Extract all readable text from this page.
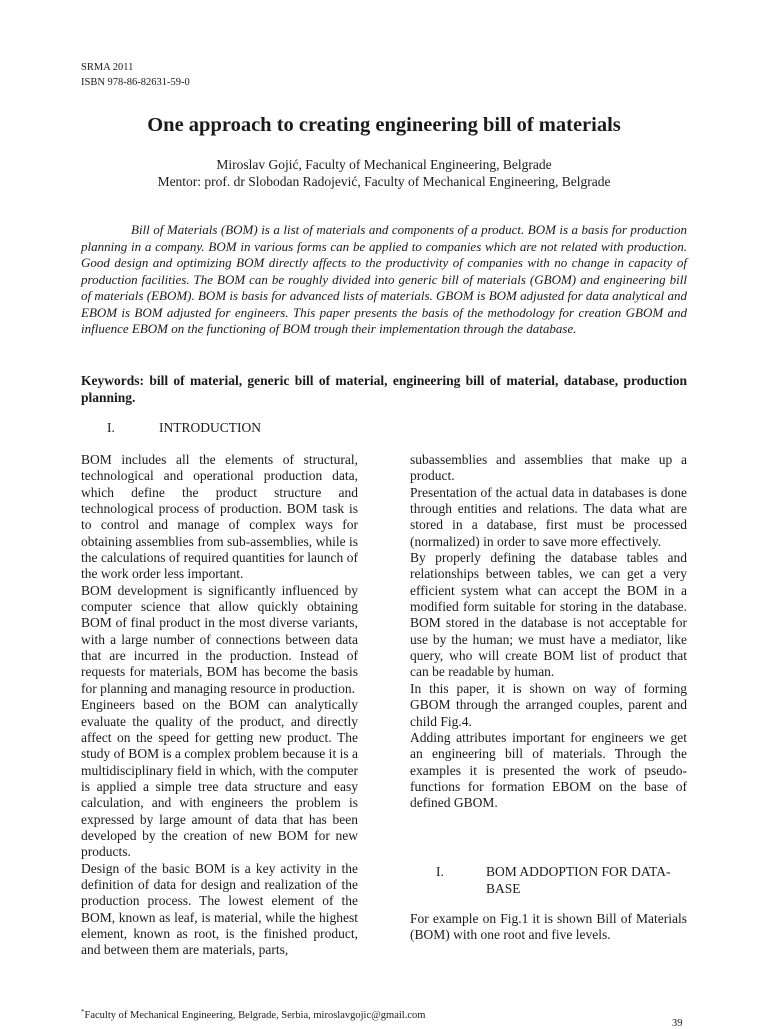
SRMA 2011
ISBN 978-86-82631-59-0
One approach to creating engineering bill of materials
Miroslav Gojić, Faculty of Mechanical Engineering, Belgrade
Mentor: prof. dr Slobodan Radojević, Faculty of Mechanical Engineering, Belgrade

Bill of Materials (BOM) is a list of materials and components of a product. BOM is a basis for production planning in a company. BOM in various forms can be applied to companies which are not related with production. Good design and optimizing BOM directly affects to the productivity of companies with no change in capacity of production facilities. The BOM can be roughly divided into generic bill of materials (GBOM) and engineering bill of materials (EBOM). BOM is basis for advanced lists of materials. GBOM is BOM adjusted for data analytical and EBOM is BOM adjusted for engineers. This paper presents the basis of the methodology for creation GBOM and influence EBOM on the functioning of BOM trough their implementation through the database.

Keywords: bill of material, generic bill of material, engineering bill of material, database, production planning.

I.	INTRODUCTION

BOM includes all the elements of structural, technological and operational production data, which define the product structure and technological process of production. BOM task is to control and manage of complex ways for obtaining assemblies from sub-assemblies, while is the calculations of required quantities for launch of the work order less important.

BOM development is significantly influenced by computer science that allow quickly obtaining BOM of final product in the most diverse variants, with a large number of connections between data that are incurred in the production. Instead of requests for materials, BOM has become the basis for planning and managing resource in production.

Engineers based on the BOM can analytically evaluate the quality of the product, and directly affect on the speed for getting new product. The study of BOM is a complex problem because it is a multidisciplinary field in which, with the computer is applied a simple tree data structure and easy calculation, and with engineers the problem is expressed by large amount of data that has been developed by the creation of new BOM for new products.

Design of the basic BOM is a key activity in the definition of data for design and realization of the production process. The lowest element of the BOM, known as leaf, is material, while the highest element, known as root, is the finished product, and between them are materials, parts,

subassemblies and assemblies that make up a product.

Presentation of the actual data in databases is done through entities and relations. The data what are stored in a database, first must be processed (normalized) in order to save more effectively.

By properly defining the database tables and relationships between tables, we can get a very efficient system what can accept the BOM in a modified form suitable for storing in the database. BOM stored in the database is not acceptable for use by the human; we must have a mediator, like query, who will create BOM list of product that can be readable by human.

In this paper, it is shown on way of forming GBOM through the arranged couples, parent and child Fig.4.

Adding attributes important for engineers we get an engineering bill of materials. Through the examples it is presented the work of pseudo-functions for formation EBOM on the base of defined GBOM.

I.	BOM ADDOPTION FOR DATA-BASE

For example on Fig.1 it is shown Bill of Materials (BOM) with one root and five levels.

*Faculty of Mechanical Engineering, Belgrade, Serbia, miroslavgojic@gmail.com
39
